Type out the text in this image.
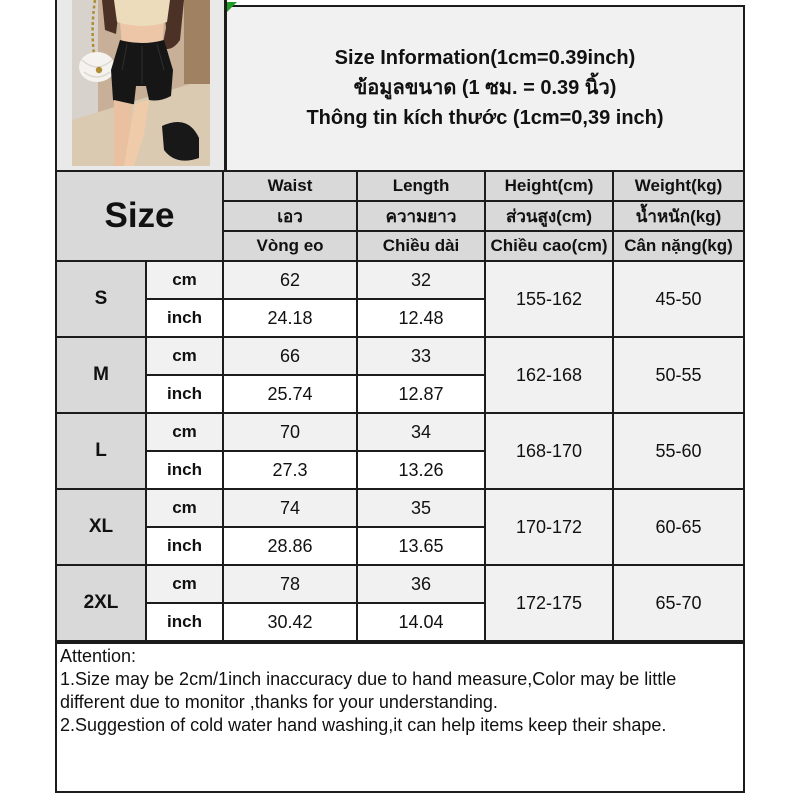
Size Information(1cm=0.39inch)
ข้อมูลขนาด (1 ซม. = 0.39 นิ้ว)
Thông tin kích thước (1cm=0,39 inch)
Size		Waist	Length	Height(cm)	Weight(kg)
		เอว	ความยาว	ส่วนสูง(cm)	น้ำหนัก(kg)
		Vòng eo	Chiều dài	Chiều cao(cm)	Cân nặng(kg)
S	cm	62	32	155-162	45-50
	inch	24.18	12.48		
M	cm	66	33	162-168	50-55
	inch	25.74	12.87		
L	cm	70	34	168-170	55-60
	inch	27.3	13.26		
XL	cm	74	35	170-172	60-65
	inch	28.86	13.65		
2XL	cm	78	36	172-175	65-70
	inch	30.42	14.04		
Attention:
1.Size may be 2cm/1inch inaccuracy due to hand measure,Color may be little different due to monitor ,thanks for your understanding.
2.Suggestion of cold water hand washing,it can help items keep their shape.
